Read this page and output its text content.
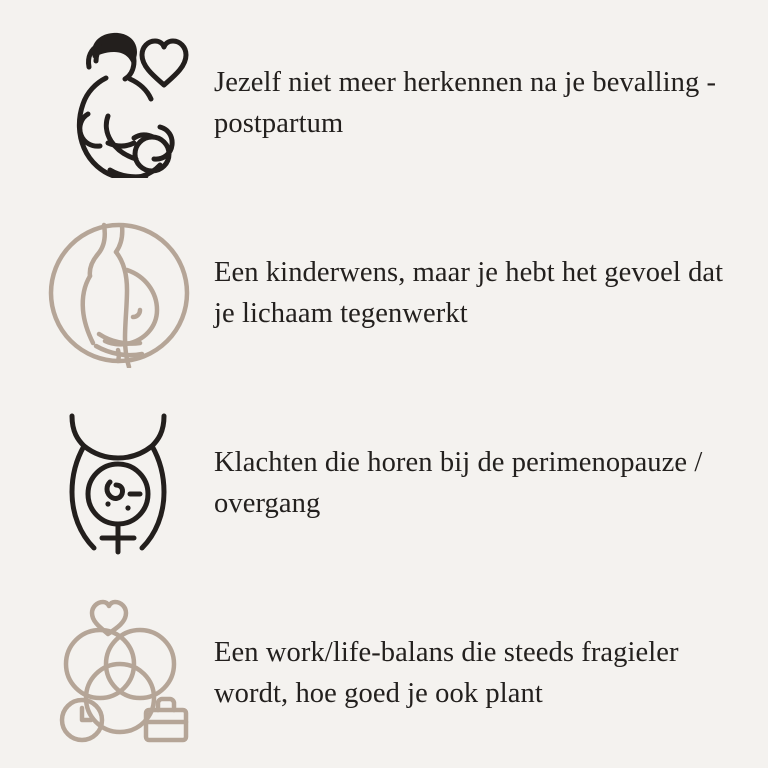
Jezelf niet meer herkennen na je bevalling - postpartum
Een kinderwens, maar je hebt het gevoel dat je lichaam tegenwerkt
Klachten die horen bij de perimenopauze / overgang
Een work/life-balans die steeds fragieler wordt, hoe goed je ook plant
